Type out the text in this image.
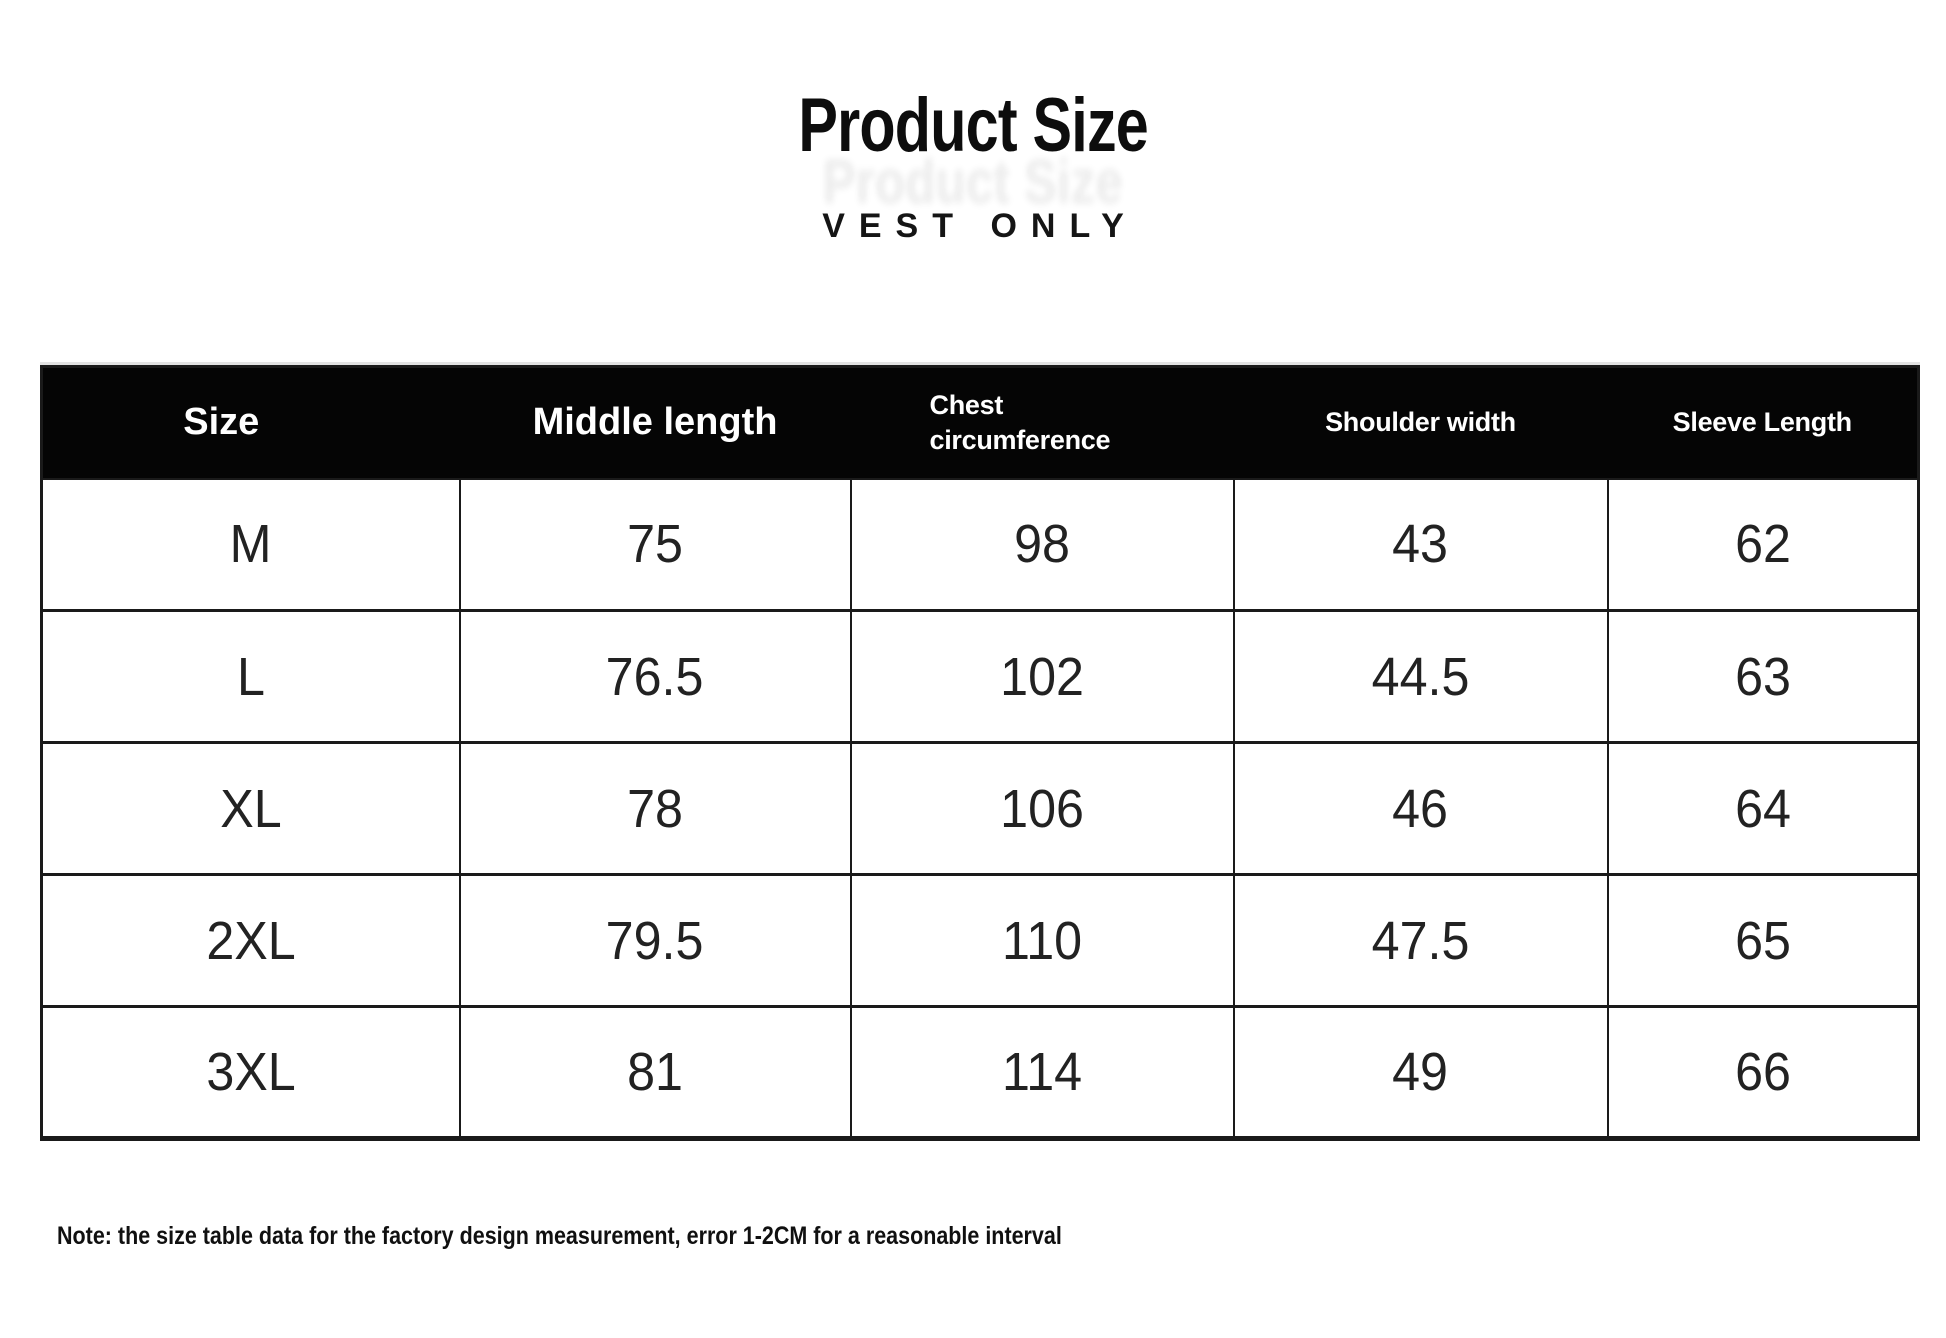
Product Size
Product Size
VEST ONLY
Size	Middle length	Chest circumference	Shoulder width	Sleeve Length
M	75	98	43	62
L	76.5	102	44.5	63
XL	78	106	46	64
2XL	79.5	110	47.5	65
3XL	81	114	49	66
Note: the size table data for the factory design measurement, error 1-2CM for a reasonable interval
